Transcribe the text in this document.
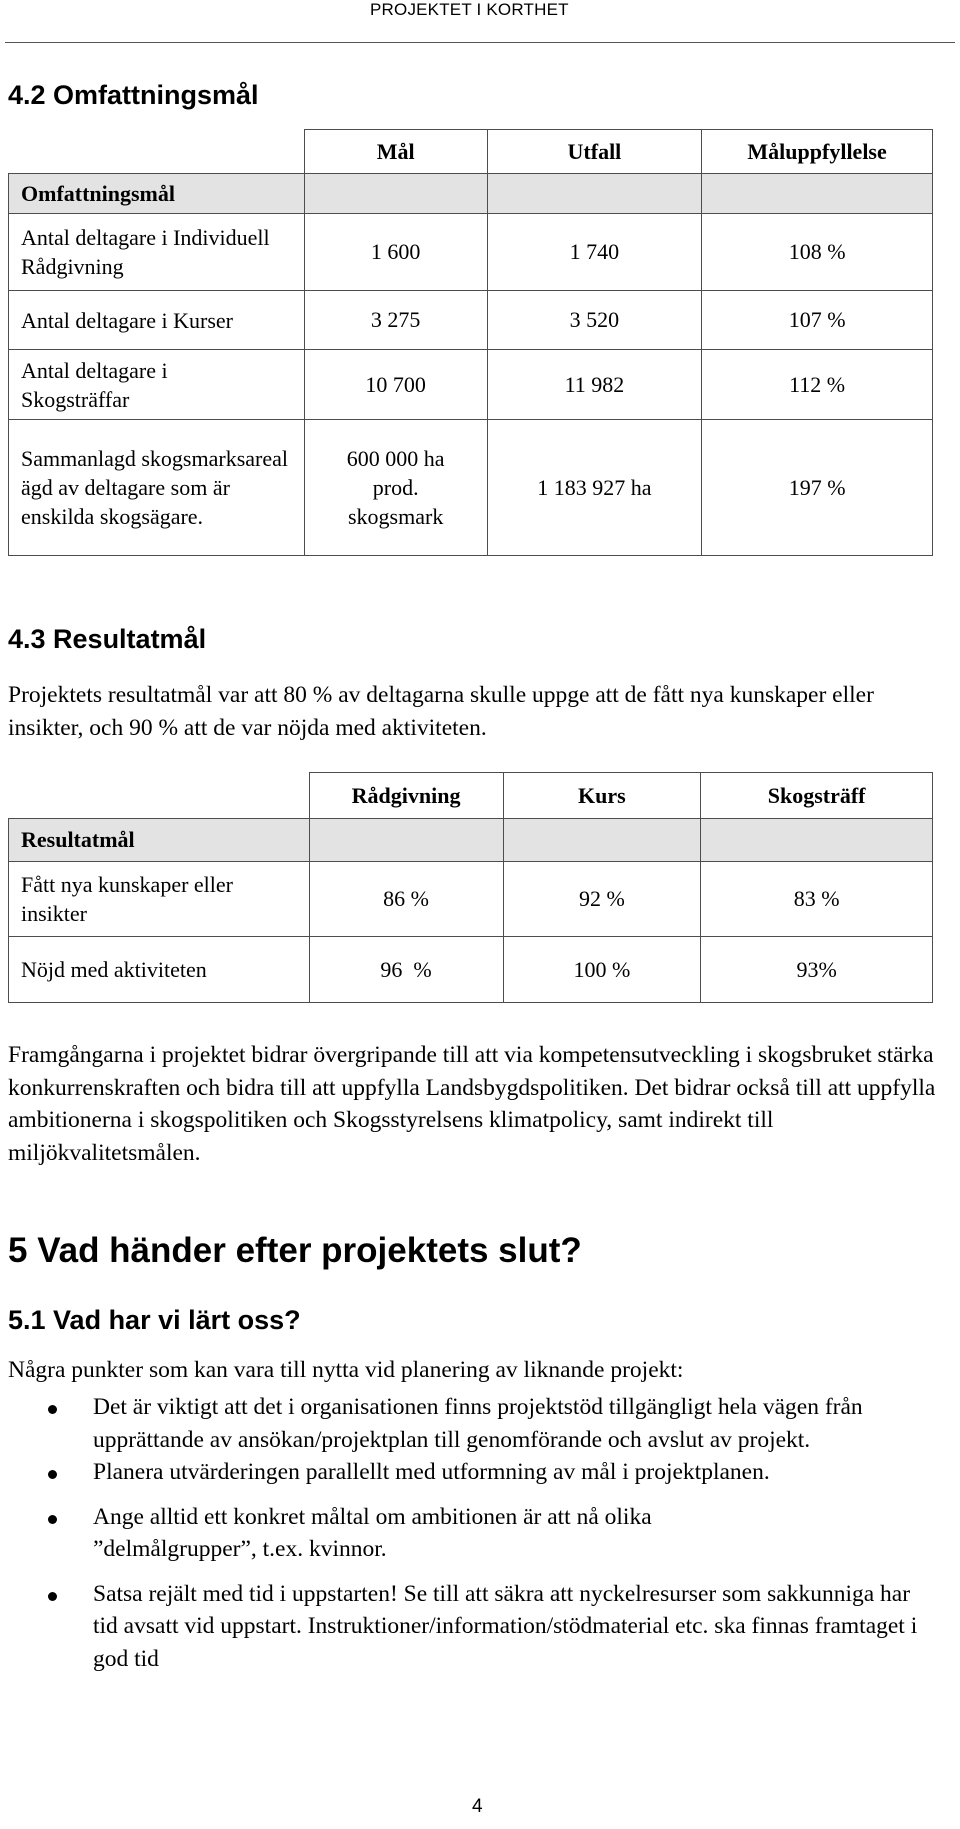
PROJEKTET I KORTHET
4.2 Omfattningsmål
	Mål	Utfall	Måluppfyllelse
Omfattningsmål			
Antal deltagare i Individuell Rådgivning	1 600	1 740	108 %
Antal deltagare i Kurser	3 275	3 520	107 %
Antal deltagare i Skogsträffar	10 700	11 982	112 %
Sammanlagd skogsmarksareal ägd av deltagare som är enskilda skogsägare.	600 000 ha prod. skogsmark	1 183 927 ha	197 %
4.3 Resultatmål

Projektets resultatmål var att 80 % av deltagarna skulle uppge att de fått nya kunskaper eller insikter, och 90 % att de var nöjda med aktiviteten.

	Rådgivning	Kurs	Skogsträff
Resultatmål			
Fått nya kunskaper eller insikter	86 %	92 %	83 %
Nöjd med aktiviteten	96  %	100 %	93%

Framgångarna i projektet bidrar övergripande till att via kompetensutveckling i skogsbruket stärka konkurrenskraften och bidra till att uppfylla Landsbygdspolitiken. Det bidrar också till att uppfylla ambitionerna i skogspolitiken och Skogsstyrelsens klimatpolicy, samt indirekt till miljökvalitetsmålen.

5 Vad händer efter projektets slut?
5.1 Vad har vi lärt oss?

Några punkter som kan vara till nytta vid planering av liknande projekt:

Det är viktigt att det i organisationen finns projektstöd tillgängligt hela vägen från upprättande av ansökan/projektplan till genomförande och avslut av projekt.
Planera utvärderingen parallellt med utformning av mål i projektplanen.
Ange alltid ett konkret måltal om ambitionen är att nå olika ”delmålgrupper”, t.ex. kvinnor.
Satsa rejält med tid i uppstarten! Se till att säkra att nyckelresurser som sakkunniga har tid avsatt vid uppstart. Instruktioner/information/stödmaterial etc. ska finnas framtaget i god tid
4
